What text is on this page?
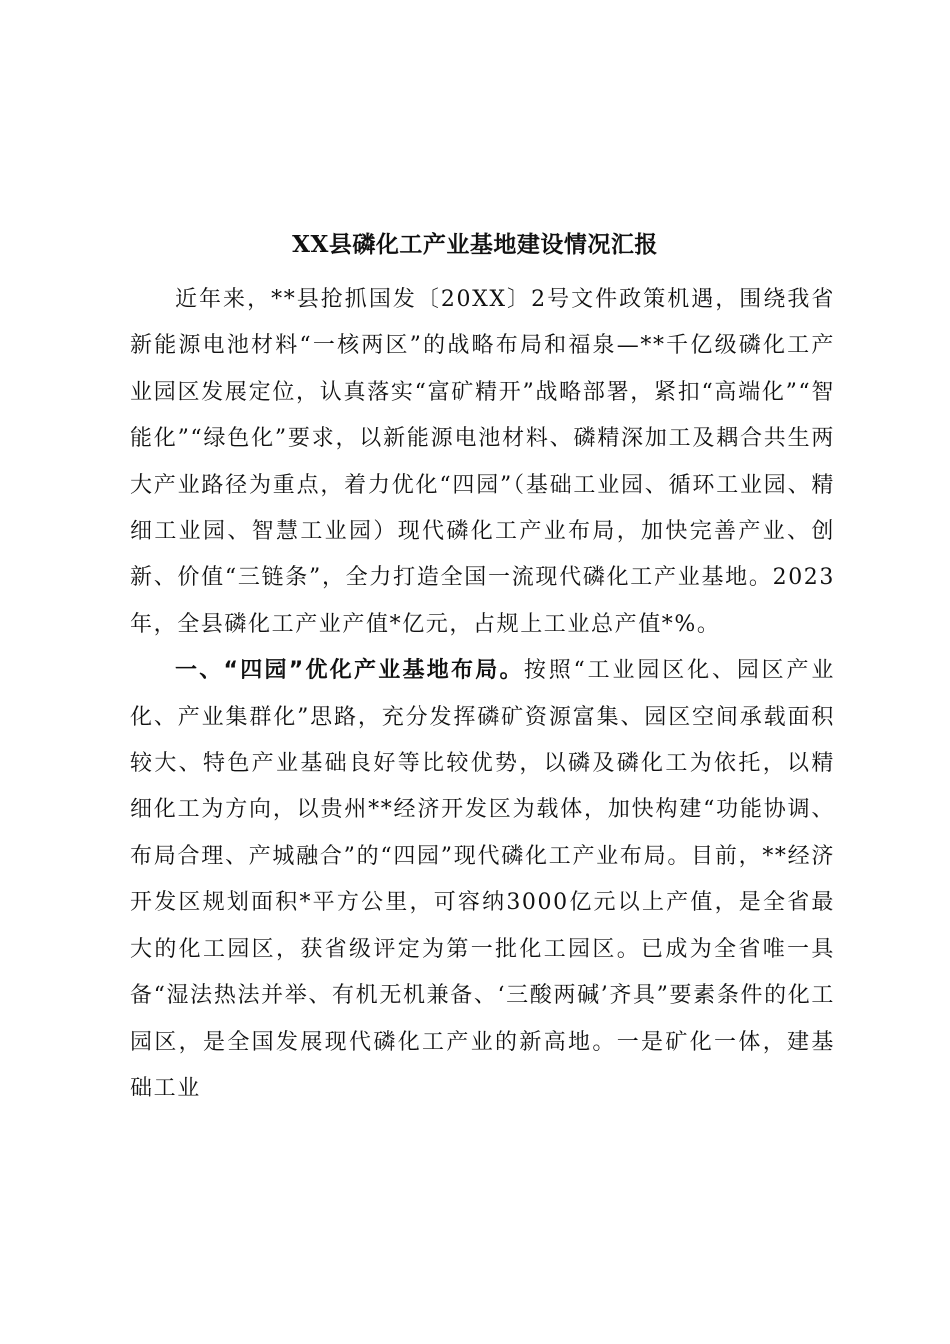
XX县磷化工产业基地建设情况汇报

近年来，**县抢抓国发〔20XX〕2号文件政策机遇，围绕我省新能源电池材料“一核两区”的战略布局和福泉—**千亿级磷化工产业园区发展定位，认真落实“富矿精开”战略部署，紧扣“高端化”“智能化”“绿色化”要求，以新能源电池材料、磷精深加工及耦合共生两大产业路径为重点，着力优化“四园”（基础工业园、循环工业园、精细工业园、智慧工业园）现代磷化工产业布局，加快完善产业、创新、价值“三链条”，全力打造全国一流现代磷化工产业基地。2023年，全县磷化工产业产值*亿元，占规上工业总产值*%。

一、“四园”优化产业基地布局。按照“工业园区化、园区产业化、产业集群化”思路，充分发挥磷矿资源富集、园区空间承载面积较大、特色产业基础良好等比较优势，以磷及磷化工为依托，以精细化工为方向，以贵州**经济开发区为载体，加快构建“功能协调、布局合理、产城融合”的“四园”现代磷化工产业布局。目前，**经济开发区规划面积*平方公里，可容纳3000亿元以上产值，是全省最大的化工园区，获省级评定为第一批化工园区。已成为全省唯一具备“湿法热法并举、有机无机兼备、‘三酸两碱’齐具”要素条件的化工园区，是全国发展现代磷化工产业的新高地。一是矿化一体，建基础工业
